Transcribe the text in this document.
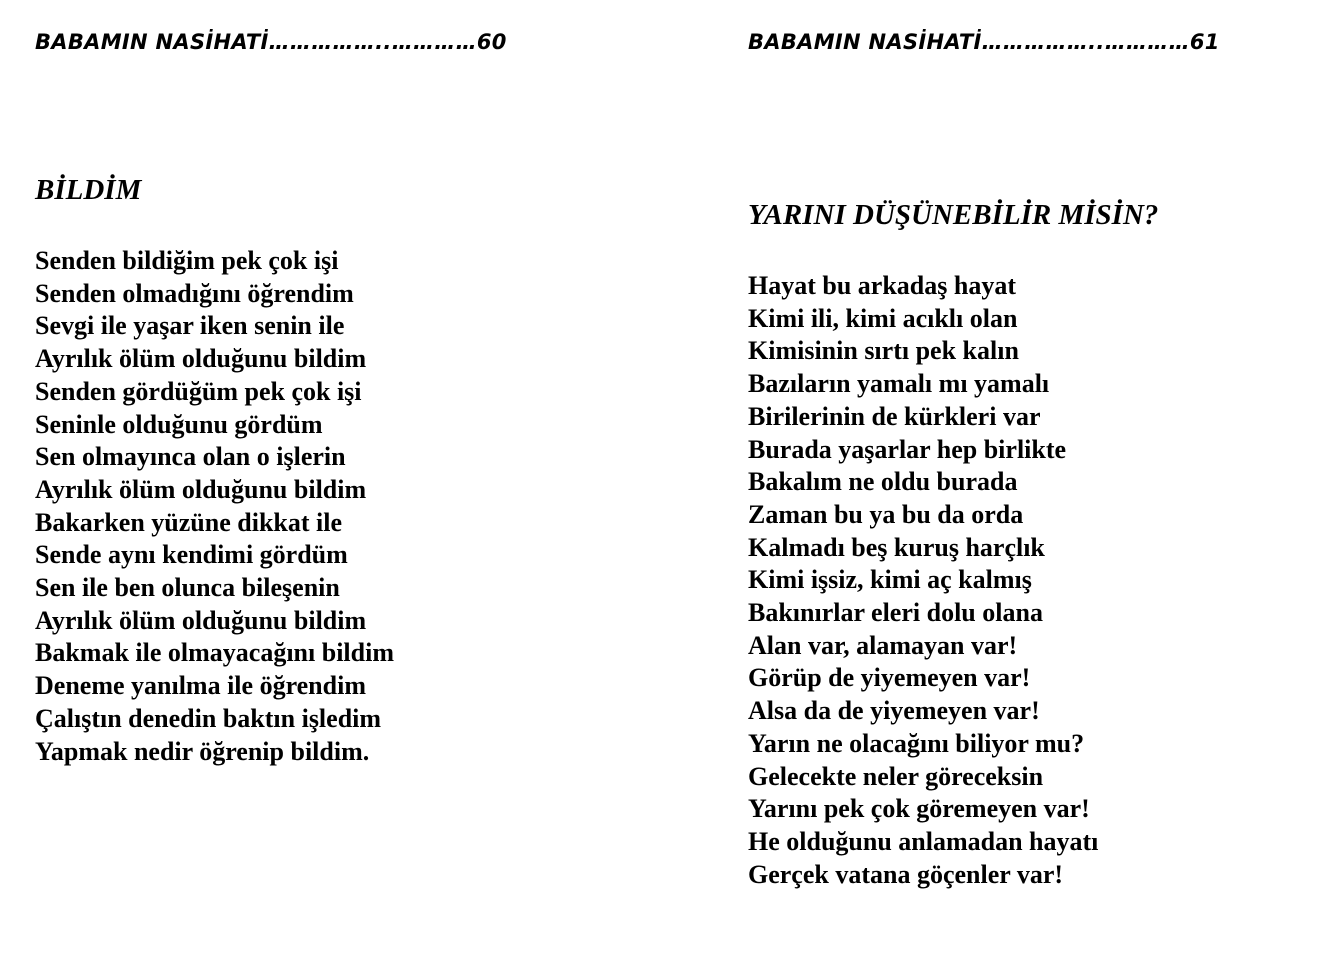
BABAMIN NASİHATİ……………..…………60
BİLDİM
Senden bildiğim pek çok işi
Senden olmadığını öğrendim
Sevgi ile yaşar iken senin ile
Ayrılık ölüm olduğunu bildim
Senden gördüğüm pek çok işi
Seninle olduğunu gördüm
Sen olmayınca olan o işlerin
Ayrılık ölüm olduğunu bildim
Bakarken yüzüne dikkat ile
Sende aynı kendimi gördüm
Sen ile ben olunca bileşenin
Ayrılık ölüm olduğunu bildim
Bakmak ile olmayacağını bildim
Deneme yanılma ile öğrendim
Çalıştın denedin baktın işledim
Yapmak nedir öğrenip bildim.
BABAMIN NASİHATİ……………..…………61
YARINI DÜŞÜNEBİLİR MİSİN?
Hayat bu arkadaş hayat
Kimi ili, kimi acıklı olan
Kimisinin sırtı pek kalın
Bazıların yamalı mı yamalı
Birilerinin de kürkleri var
Burada yaşarlar hep birlikte
Bakalım ne oldu burada
Zaman bu ya bu da orda
Kalmadı beş kuruş harçlık
Kimi işsiz, kimi aç kalmış
Bakınırlar eleri dolu olana
Alan var, alamayan var!
Görüp de yiyemeyen var!
Alsa da de yiyemeyen var!
Yarın ne olacağını biliyor mu?
Gelecekte neler göreceksin
Yarını pek çok göremeyen var!
He olduğunu anlamadan hayatı
Gerçek vatana göçenler var!
